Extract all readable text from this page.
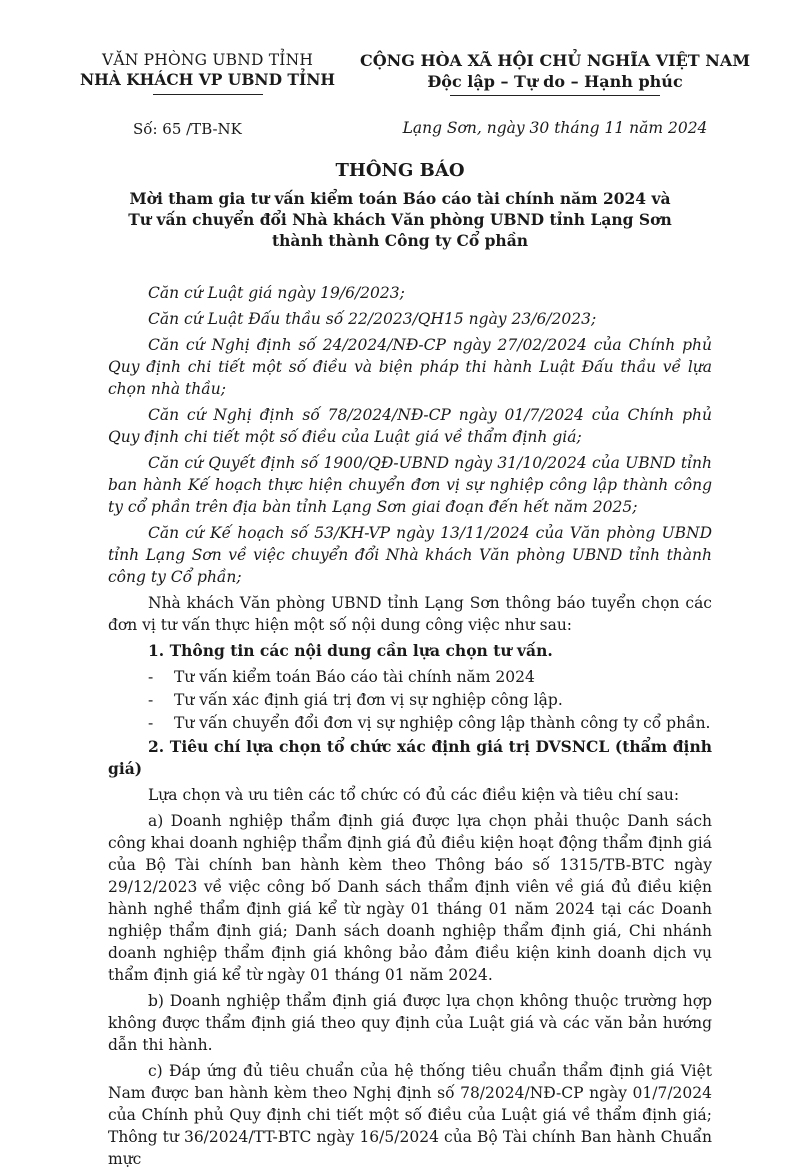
VĂN PHÒNG UBND TỈNH
NHÀ KHÁCH VP UBND TỈNH
CỘNG HÒA XÃ HỘI CHỦ NGHĨA VIỆT NAM
Độc lập – Tự do – Hạnh phúc
Số: 65 /TB-NK	Lạng Sơn, ngày 30 tháng 11 năm 2024
THÔNG BÁO
Mời tham gia tư vấn kiểm toán Báo cáo tài chính năm 2024 và Tư vấn chuyển đổi Nhà khách Văn phòng UBND tỉnh Lạng Sơn thành thành Công ty Cổ phần

Căn cứ Luật giá ngày 19/6/2023;

Căn cứ Luật Đấu thầu số 22/2023/QH15 ngày 23/6/2023;

Căn cứ Nghị định số 24/2024/NĐ-CP ngày 27/02/2024 của Chính phủ Quy định chi tiết một số điều và biện pháp thi hành Luật Đấu thầu về lựa chọn nhà thầu;

Căn cứ Nghị định số 78/2024/NĐ-CP ngày 01/7/2024 của Chính phủ Quy định chi tiết một số điều của Luật giá về thẩm định giá;

Căn cứ Quyết định số 1900/QĐ-UBND ngày 31/10/2024 của UBND tỉnh ban hành Kế hoạch thực hiện chuyển đơn vị sự nghiệp công lập thành công ty cổ phần trên địa bàn tỉnh Lạng Sơn giai đoạn đến hết năm 2025;

Căn cứ Kế hoạch số 53/KH-VP ngày 13/11/2024 của Văn phòng UBND tỉnh Lạng Sơn về việc chuyển đổi Nhà khách Văn phòng UBND tỉnh thành công ty Cổ phần;

Nhà khách Văn phòng UBND tỉnh Lạng Sơn thông báo tuyển chọn các đơn vị tư vấn thực hiện một số nội dung công việc như sau:

1. Thông tin các nội dung cần lựa chọn tư vấn.

- Tư vấn kiểm toán Báo cáo tài chính năm 2024
- Tư vấn xác định giá trị đơn vị sự nghiệp công lập.
- Tư vấn chuyển đổi đơn vị sự nghiệp công lập thành công ty cổ phần.

2. Tiêu chí lựa chọn tổ chức xác định giá trị DVSNCL (thẩm định giá)

Lựa chọn và ưu tiên các tổ chức có đủ các điều kiện và tiêu chí sau:

a) Doanh nghiệp thẩm định giá được lựa chọn phải thuộc Danh sách công khai doanh nghiệp thẩm định giá đủ điều kiện hoạt động thẩm định giá của Bộ Tài chính ban hành kèm theo Thông báo số 1315/TB-BTC ngày 29/12/2023 về việc công bố Danh sách thẩm định viên về giá đủ điều kiện hành nghề thẩm định giá kể từ ngày 01 tháng 01 năm 2024 tại các Doanh nghiệp thẩm định giá; Danh sách doanh nghiệp thẩm định giá, Chi nhánh doanh nghiệp thẩm định giá không bảo đảm điều kiện kinh doanh dịch vụ thẩm định giá kể từ ngày 01 tháng 01 năm 2024.

b) Doanh nghiệp thẩm định giá được lựa chọn không thuộc trường hợp không được thẩm định giá theo quy định của Luật giá và các văn bản hướng dẫn thi hành.

c) Đáp ứng đủ tiêu chuẩn của hệ thống tiêu chuẩn thẩm định giá Việt Nam được ban hành kèm theo Nghị định số 78/2024/NĐ-CP ngày 01/7/2024 của Chính phủ Quy định chi tiết một số điều của Luật giá về thẩm định giá; Thông tư 36/2024/TT-BTC ngày 16/5/2024 của Bộ Tài chính Ban hành Chuẩn mực
